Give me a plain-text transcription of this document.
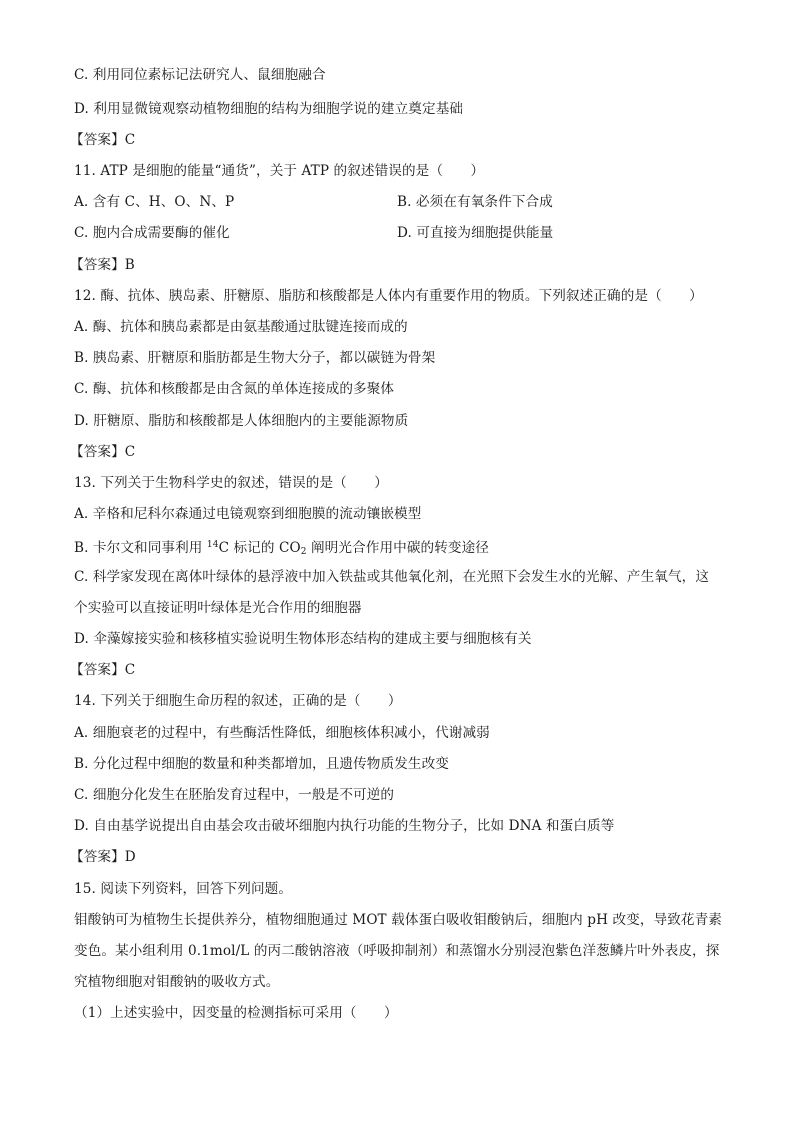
C. 利用同位素标记法研究人、鼠细胞融合
D. 利用显微镜观察动植物细胞的结构为细胞学说的建立奠定基础
【答案】C
11. ATP 是细胞的能量“通货”，关于 ATP 的叙述错误的是（　　）
A. 含有 C、H、O、N、P	B. 必须在有氧条件下合成
C. 胞内合成需要酶的催化	D. 可直接为细胞提供能量
【答案】B
12. 酶、抗体、胰岛素、肝糖原、脂肪和核酸都是人体内有重要作用的物质。下列叙述正确的是（　　）
A. 酶、抗体和胰岛素都是由氨基酸通过肽键连接而成的
B. 胰岛素、肝糖原和脂肪都是生物大分子，都以碳链为骨架
C. 酶、抗体和核酸都是由含氮的单体连接成的多聚体
D. 肝糖原、脂肪和核酸都是人体细胞内的主要能源物质
【答案】C
13. 下列关于生物科学史的叙述，错误的是（　　）
A. 辛格和尼科尔森通过电镜观察到细胞膜的流动镶嵌模型
B. 卡尔文和同事利用 $^{14}$C 标记的 $CO_2$ 阐明光合作用中碳的转变途径
C. 科学家发现在离体叶绿体的悬浮液中加入铁盐或其他氧化剂，在光照下会发生水的光解、产生氧气，这
个实验可以直接证明叶绿体是光合作用的细胞器
D. 伞藻嫁接实验和核移植实验说明生物体形态结构的建成主要与细胞核有关
【答案】C
14. 下列关于细胞生命历程的叙述，正确的是（　　）
A. 细胞衰老的过程中，有些酶活性降低，细胞核体积减小，代谢减弱
B. 分化过程中细胞的数量和种类都增加，且遗传物质发生改变
C. 细胞分化发生在胚胎发育过程中，一般是不可逆的
D. 自由基学说提出自由基会攻击破坏细胞内执行功能的生物分子，比如 DNA 和蛋白质等
【答案】D
15. 阅读下列资料，回答下列问题。
钼酸钠可为植物生长提供养分，植物细胞通过 MOT 载体蛋白吸收钼酸钠后，细胞内 pH 改变，导致花青素
变色。某小组利用 0.1mol/L 的丙二酸钠溶液（呼吸抑制剂）和蒸馏水分别浸泡紫色洋葱鳞片叶外表皮，探
究植物细胞对钼酸钠的吸收方式。
（1）上述实验中，因变量的检测指标可采用（　　）
